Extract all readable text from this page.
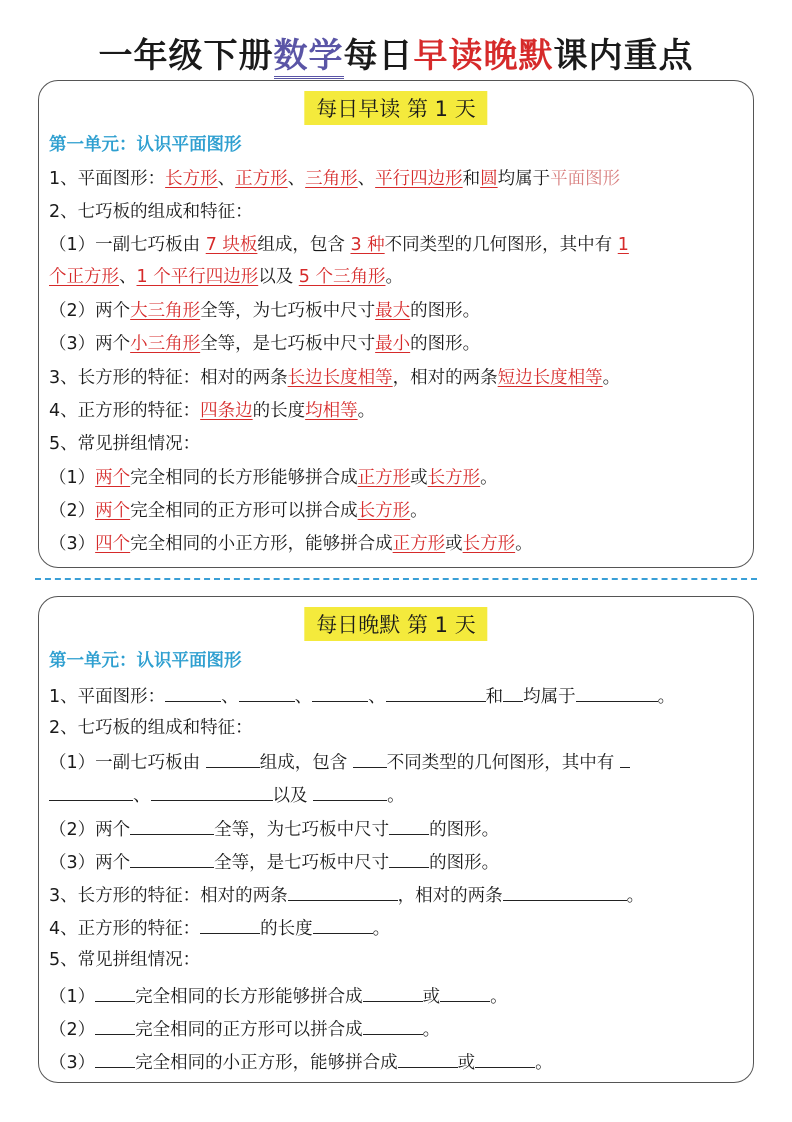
一年级下册数学每日早读晚默课内重点
每日早读 第 1 天
第一单元：认识平面图形
1、平面图形：长方形、正方形、三角形、平行四边形和圆均属于平面图形
2、七巧板的组成和特征：
（1）一副七巧板由 7 块板组成，包含 3 种不同类型的几何图形，其中有 1
个正方形、1 个平行四边形以及 5 个三角形。
（2）两个大三角形全等，为七巧板中尺寸最大的图形。
（3）两个小三角形全等，是七巧板中尺寸最小的图形。
3、长方形的特征：相对的两条长边长度相等，相对的两条短边长度相等。
4、正方形的特征：四条边的长度均相等。
5、常见拼组情况：
（1）两个完全相同的长方形能够拼合成正方形或长方形。
（2）两个完全相同的正方形可以拼合成长方形。
（3）四个完全相同的小正方形，能够拼合成正方形或长方形。
每日晚默 第 1 天
第一单元：认识平面图形
1、平面图形：	、	、	、	和 均属于	。
2、七巧板的组成和特征：
（1）一副七巧板由	组成，包含 不同类型的几何图形，其中有
、	以及	。
（2）两个	全等，为七巧板中尺寸 的图形。
（3）两个	全等，是七巧板中尺寸 的图形。
3、长方形的特征：相对的两条	，相对的两条	。
4、正方形的特征：	的长度	。
5、常见拼组情况：
（1） 完全相同的长方形能够拼合成	或	。
（2） 完全相同的正方形可以拼合成	。
（3） 完全相同的小正方形，能够拼合成	或	。
